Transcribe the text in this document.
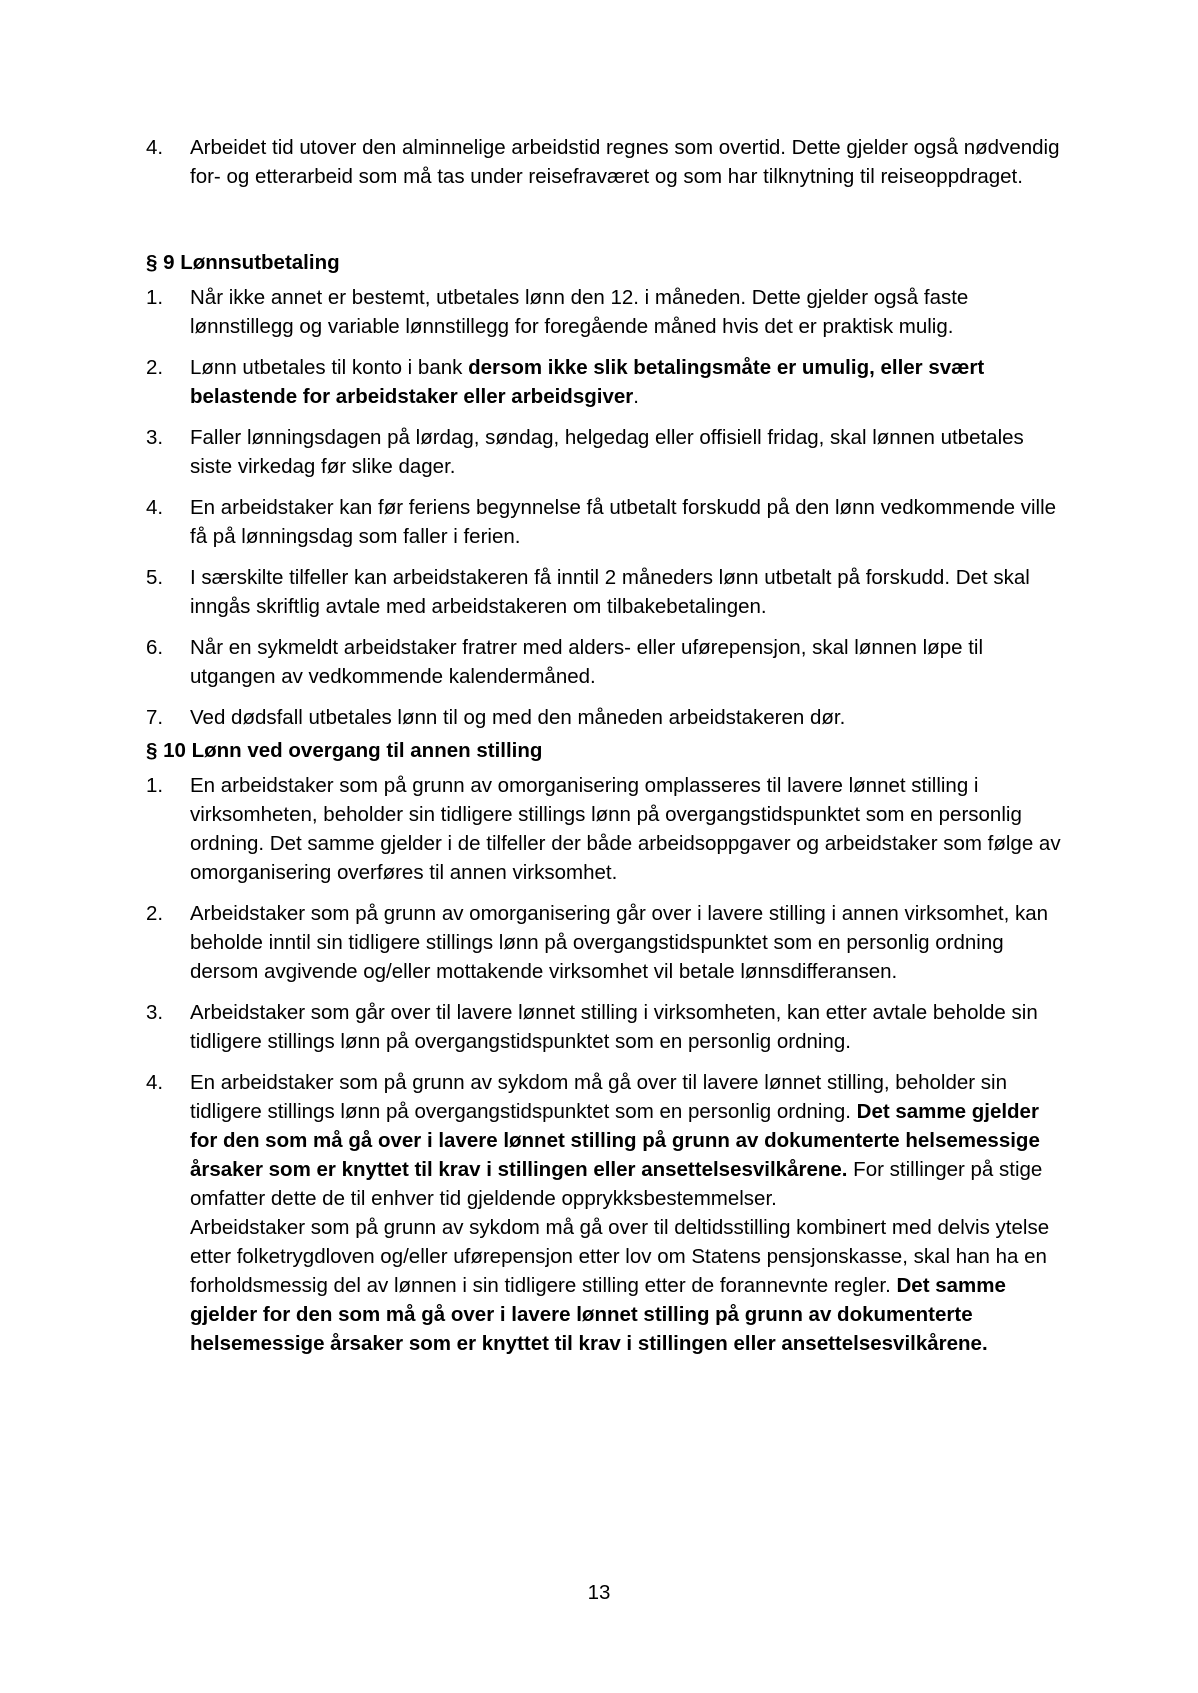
4. Arbeidet tid utover den alminnelige arbeidstid regnes som overtid. Dette gjelder også nødvendig for- og etterarbeid som må tas under reisefraværet og som har tilknytning til reiseoppdraget.
§ 9 Lønnsutbetaling
1. Når ikke annet er bestemt, utbetales lønn den 12. i måneden. Dette gjelder også faste lønnstillegg og variable lønnstillegg for foregående måned hvis det er praktisk mulig.
2. Lønn utbetales til konto i bank dersom ikke slik betalingsmåte er umulig, eller svært belastende for arbeidstaker eller arbeidsgiver.
3. Faller lønningsdagen på lørdag, søndag, helgedag eller offisiell fridag, skal lønnen utbetales siste virkedag før slike dager.
4. En arbeidstaker kan før feriens begynnelse få utbetalt forskudd på den lønn vedkommende ville få på lønningsdag som faller i ferien.
5. I særskilte tilfeller kan arbeidstakeren få inntil 2 måneders lønn utbetalt på forskudd. Det skal inngås skriftlig avtale med arbeidstakeren om tilbakebetalingen.
6. Når en sykmeldt arbeidstaker fratrer med alders- eller uførepensjon, skal lønnen løpe til utgangen av vedkommende kalendermåned.
7. Ved dødsfall utbetales lønn til og med den måneden arbeidstakeren dør.
§ 10 Lønn ved overgang til annen stilling
1. En arbeidstaker som på grunn av omorganisering omplasseres til lavere lønnet stilling i virksomheten, beholder sin tidligere stillings lønn på overgangstidspunktet som en personlig ordning. Det samme gjelder i de tilfeller der både arbeidsoppgaver og arbeidstaker som følge av omorganisering overføres til annen virksomhet.
2. Arbeidstaker som på grunn av omorganisering går over i lavere stilling i annen virksomhet, kan beholde inntil sin tidligere stillings lønn på overgangstidspunktet som en personlig ordning dersom avgivende og/eller mottakende virksomhet vil betale lønnsdifferansen.
3. Arbeidstaker som går over til lavere lønnet stilling i virksomheten, kan etter avtale beholde sin tidligere stillings lønn på overgangstidspunktet som en personlig ordning.
4. En arbeidstaker som på grunn av sykdom må gå over til lavere lønnet stilling, beholder sin tidligere stillings lønn på overgangstidspunktet som en personlig ordning. Det samme gjelder for den som må gå over i lavere lønnet stilling på grunn av dokumenterte helsemessige årsaker som er knyttet til krav i stillingen eller ansettelsesvilkårene. For stillinger på stige omfatter dette de til enhver tid gjeldende opprykksbestemmelser.
Arbeidstaker som på grunn av sykdom må gå over til deltidsstilling kombinert med delvis ytelse etter folketrygdloven og/eller uførepensjon etter lov om Statens pensjonskasse, skal han ha en forholdsmessig del av lønnen i sin tidligere stilling etter de forannevnte regler. Det samme gjelder for den som må gå over i lavere lønnet stilling på grunn av dokumenterte helsemessige årsaker som er knyttet til krav i stillingen eller ansettelsesvilkårene.
13
